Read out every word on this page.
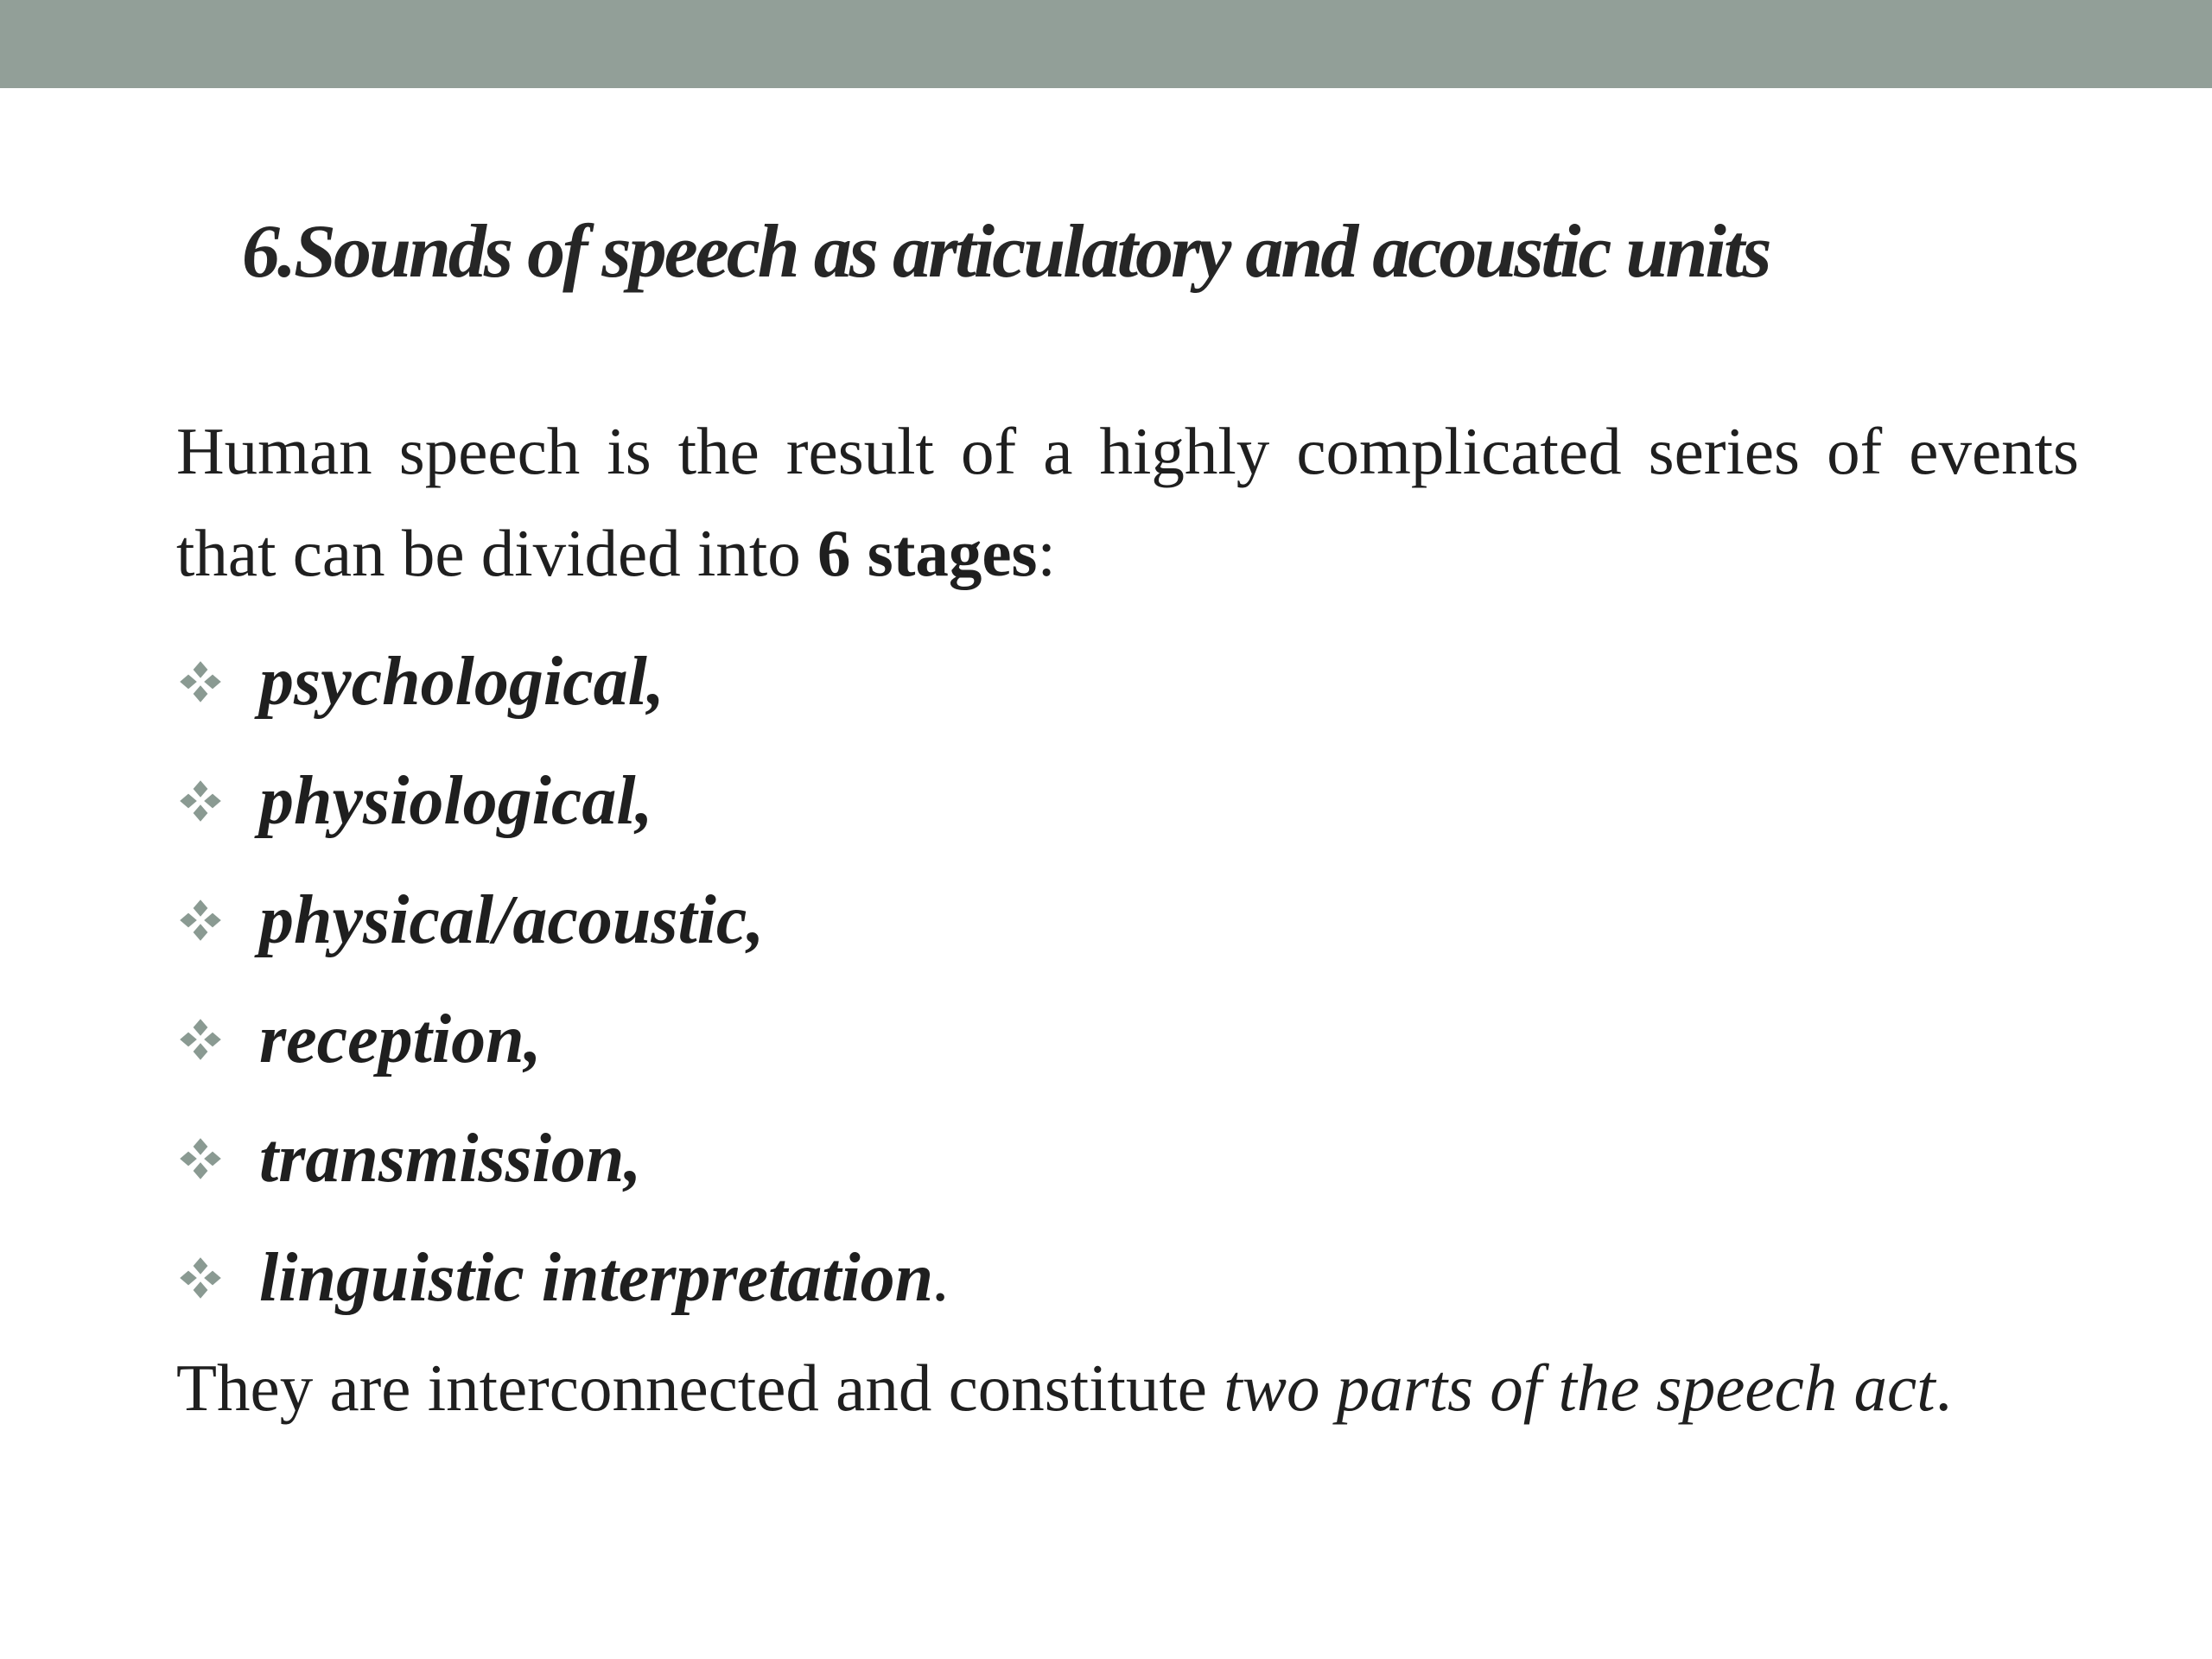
6.Sounds of speech as articulatory and acoustic units

Human speech is the result of a highly complicated series of events that can be divided into 6 stages:

psychological,
physiological,
physical/acoustic,
reception,
transmission,
linguistic interpretation .

They are interconnected and constitute two parts of the speech act.
